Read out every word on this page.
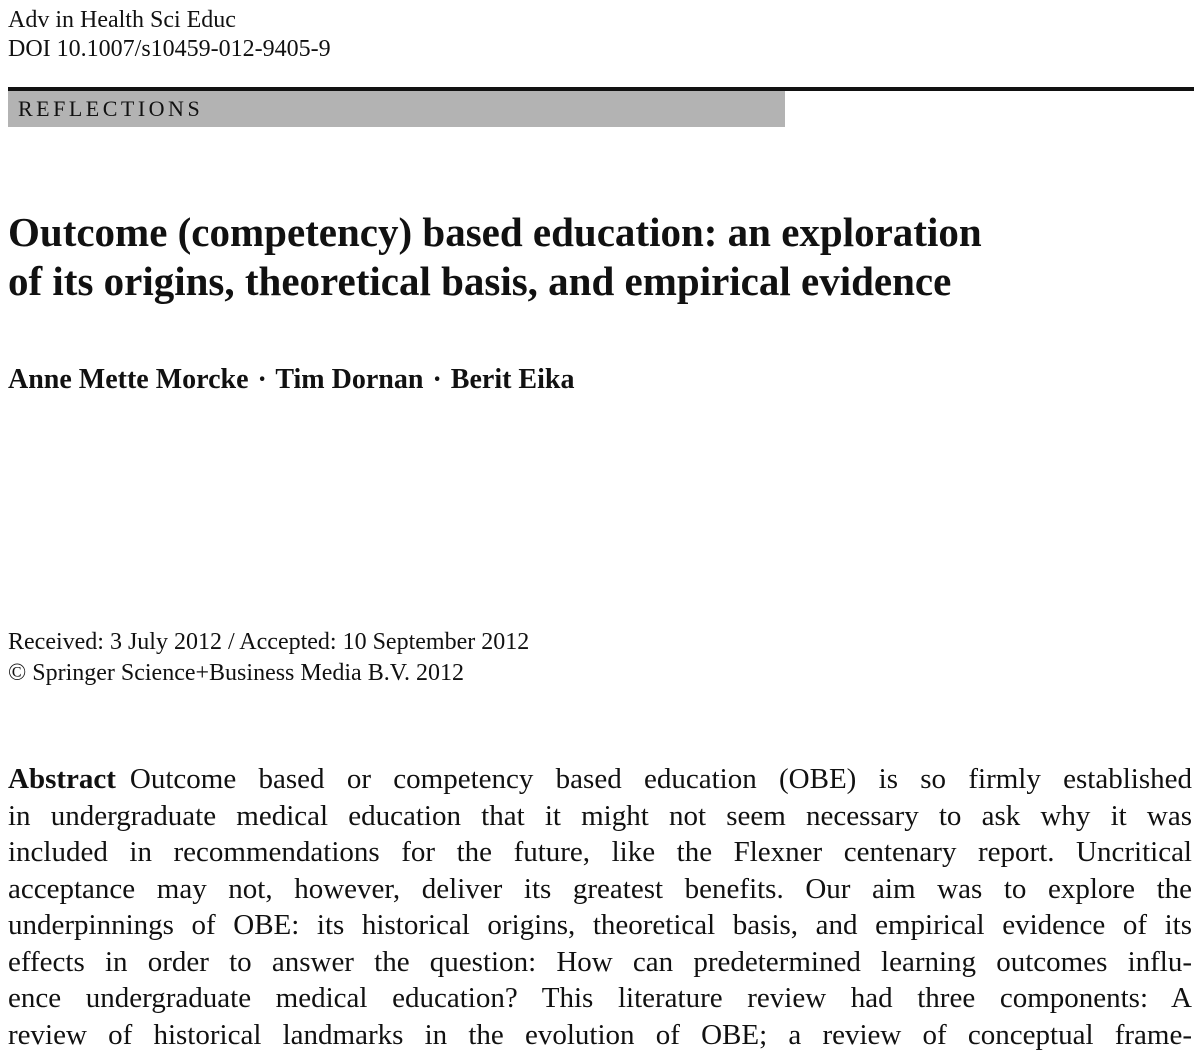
Adv in Health Sci Educ
DOI 10.1007/s10459-012-9405-9
REFLECTIONS
Outcome (competency) based education: an exploration
of its origins, theoretical basis, and empirical evidence
Anne Mette Morcke · Tim Dornan · Berit Eika
Received: 3 July 2012 / Accepted: 10 September 2012
© Springer Science+Business Media B.V. 2012
Abstract Outcome based or competency based education (OBE) is so firmly established
in undergraduate medical education that it might not seem necessary to ask why it was
included in recommendations for the future, like the Flexner centenary report. Uncritical
acceptance may not, however, deliver its greatest benefits. Our aim was to explore the
underpinnings of OBE: its historical origins, theoretical basis, and empirical evidence of its
effects in order to answer the question: How can predetermined learning outcomes influ-
ence undergraduate medical education? This literature review had three components: A
review of historical landmarks in the evolution of OBE; a review of conceptual frame-
